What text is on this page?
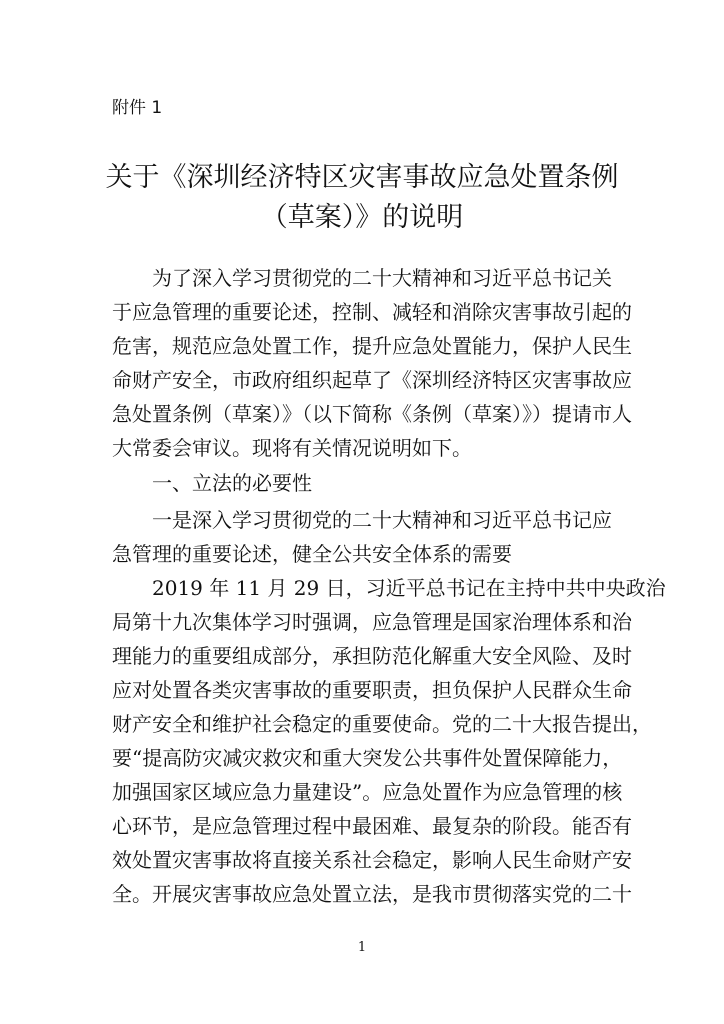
附件 1
关于《深圳经济特区灾害事故应急处置条例
（草案）》的说明
　　为了深入学习贯彻党的二十大精神和习近平总书记关
于应急管理的重要论述，控制、减轻和消除灾害事故引起的
危害，规范应急处置工作，提升应急处置能力，保护人民生
命财产安全，市政府组织起草了《深圳经济特区灾害事故应
急处置条例（草案）》（以下简称《条例（草案）》）提请市人
大常委会审议。现将有关情况说明如下。
　　一、立法的必要性
　　一是深入学习贯彻党的二十大精神和习近平总书记应
急管理的重要论述，健全公共安全体系的需要
　　2019 年 11 月 29 日，习近平总书记在主持中共中央政治
局第十九次集体学习时强调，应急管理是国家治理体系和治
理能力的重要组成部分，承担防范化解重大安全风险、及时
应对处置各类灾害事故的重要职责，担负保护人民群众生命
财产安全和维护社会稳定的重要使命。党的二十大报告提出，
要“提高防灾减灾救灾和重大突发公共事件处置保障能力，
加强国家区域应急力量建设”。应急处置作为应急管理的核
心环节，是应急管理过程中最困难、最复杂的阶段。能否有
效处置灾害事故将直接关系社会稳定，影响人民生命财产安
全。开展灾害事故应急处置立法，是我市贯彻落实党的二十
1
